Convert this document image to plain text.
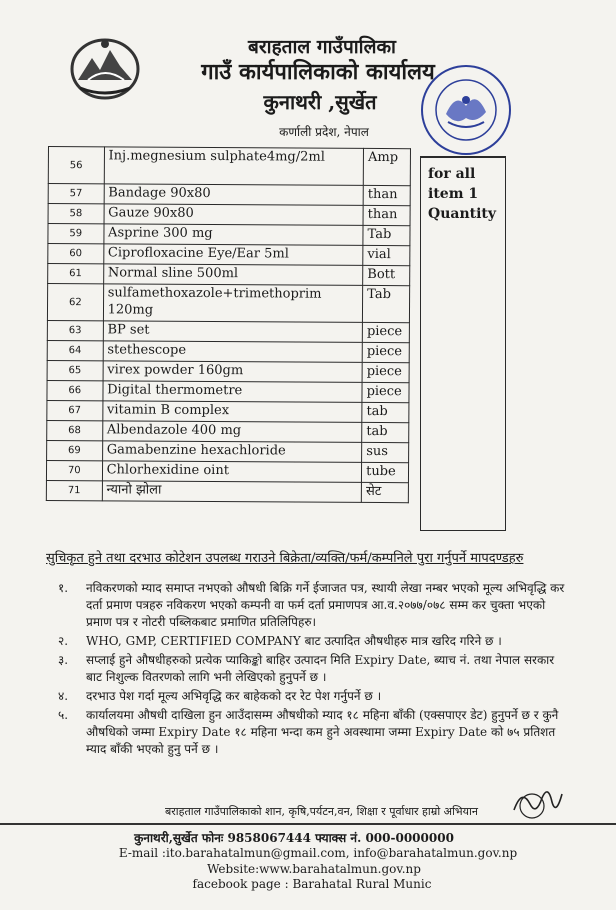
बराहताल गाउँपालिका
गाउँ कार्यपालिकाको कार्यालय
कुनाथरी ,सुर्खेत
कर्णाली प्रदेश, नेपाल
56	Inj.megnesium sulphate4mg/2ml	Amp
57	Bandage 90x80	than
58	Gauze 90x80	than
59	Asprine 300 mg	Tab
60	Ciprofloxacine Eye/Ear 5ml	vial
61	Normal sline 500ml	Bott
62	sulfamethoxazole+trimethoprim 120mg	Tab
63	BP set	piece
64	stethescope	piece
65	virex powder 160gm	piece
66	Digital thermometre	piece
67	vitamin B complex	tab
68	Albendazole 400 mg	tab
69	Gamabenzine hexachloride	sus
70	Chlorhexidine oint	tube
71	न्यानो झोला	सेट
for all
item 1
Quantity
सुचिकृत हुने तथा दरभाउ कोटेशन उपलब्ध गराउने बिक्रेता/व्यक्ति/फर्म/कम्पनिले पुरा गर्नुपर्ने मापदण्डहरु
१. नविकरणको म्याद समाप्त नभएको औषधी बिक्रि गर्ने ईजाजत पत्र, स्थायी लेखा नम्बर भएको मूल्य अभिवृद्धि कर दर्ता प्रमाण पत्रहरु नविकरण भएको कम्पनी वा फर्म दर्ता प्रमाणपत्र आ.व.२०७७/०७८ सम्म कर चुक्ता भएको प्रमाण पत्र र नोटरी पब्लिकबाट प्रमाणित प्रतिलिपिहरु।
२. WHO, GMP, CERTIFIED COMPANY बाट उत्पादित औषधीहरु मात्र खरिद गरिने छ ।
३. सप्लाई हुने औषधीहरुको प्रत्येक प्याकिङ्को बाहिर उत्पादन मिति Expiry Date, ब्याच नं. तथा नेपाल सरकार बाट निशुल्क वितरणको लागि भनी लेखिएको हुनुपर्ने छ ।
४. दरभाउ पेश गर्दा मूल्य अभिवृद्धि कर बाहेकको दर रेट पेश गर्नुपर्ने छ ।
५. कार्यालयमा औषधी दाखिला हुन आउँदासम्म औषधीको म्याद १८ महिना बाँकी (एक्सपाएर डेट) हुनुपर्ने छ र कुनै औषधिको जम्मा Expiry Date १८ महिना भन्दा कम हुने अवस्थामा जम्मा Expiry Date को ७५ प्रतिशत म्याद बाँकी भएको हुनु पर्ने छ ।
बराहताल गाउँपालिकाको शान, कृषि,पर्यटन,वन, शिक्षा र पूर्वाधार हाम्रो अभियान
कुनाथरी,सुर्खेत फोनः 9858067444 फ्याक्स नं. 000-0000000
E-mail :ito.barahatalmun@gmail.com, info@barahatalmun.gov.np
Website:www.barahatalmun.gov.np
facebook page : Barahatal Rural Munic
